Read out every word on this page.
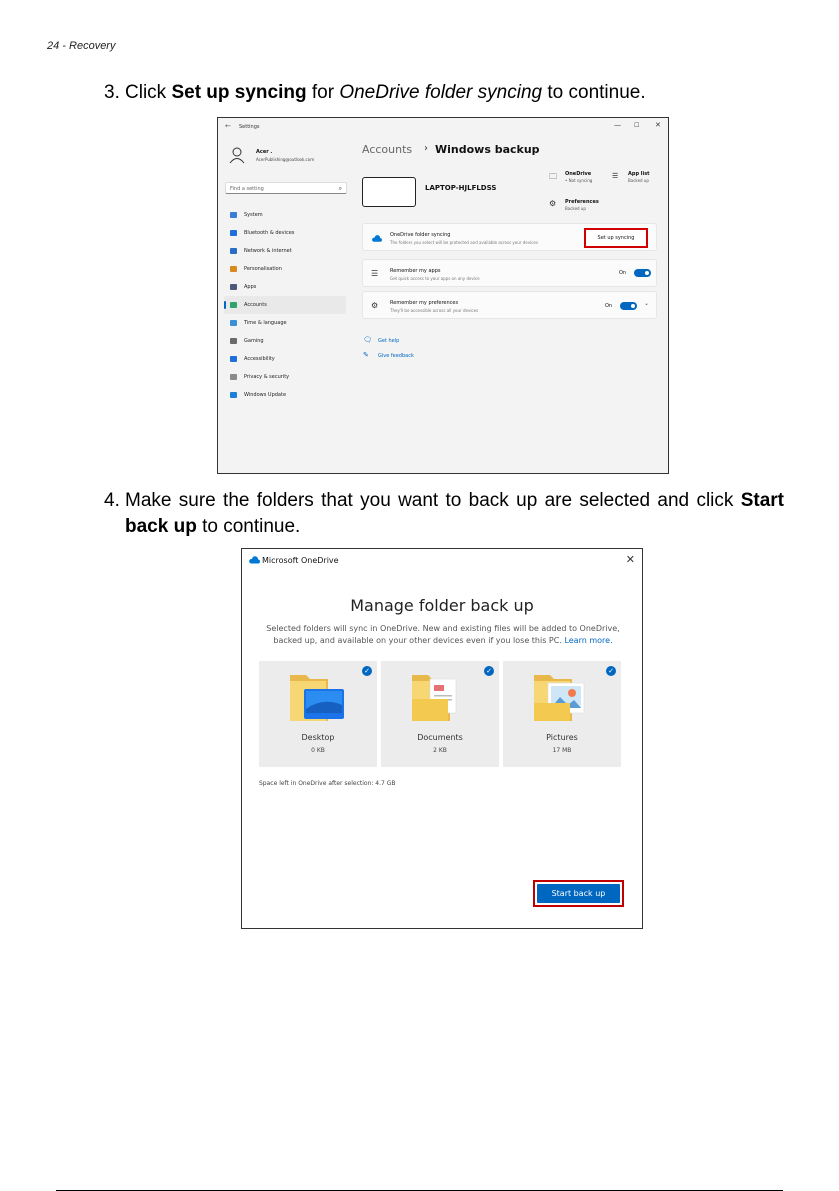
24 - Recovery
3. Click Set up syncing for OneDrive folder syncing to continue.
← Settings	— ☐ ✕
Acer .
AcerPublishing@outlook.com
Find a setting	⌕
System
Bluetooth & devices
Network & internet
Personalisation
Apps
Accounts
Time & language
Gaming
Accessibility
Privacy & security
Windows Update
Accounts › Windows backup
LAPTOP-HJLFLDSS
🗀 OneDrive
• Not syncing
☰ App list
Backed up
⚙ Preferences
Backed up
OneDrive folder syncing
The folders you select will be protected and available across your devices
Set up syncing
☰ Remember my apps
Get quick access to your apps on any device
On
⚙ Remember my preferences
They'll be accessible across all your devices
On	⌄
🗨 Get help
✎ Give feedback
4. Make sure the folders that you want to back up are selected and click Start back up to continue.
Microsoft OneDrive	✕
Manage folder back up
Selected folders will sync in OneDrive. New and existing files will be added to OneDrive,
backed up, and available on your other devices even if you lose this PC. Learn more.
✓
Desktop
0 KB
✓
Documents
2 KB
✓
Pictures
17 MB
Space left in OneDrive after selection: 4.7 GB
Start back up
